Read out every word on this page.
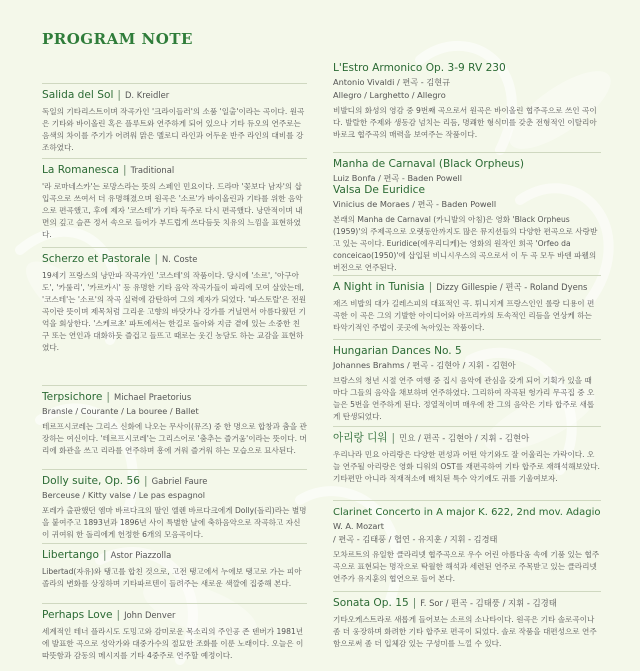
PROGRAM NOTE
Salida del Sol | D. Kreidler
독일의 기타리스트이며 작곡가인 '크라이들러'의 소품 '일출'이라는 곡이다. 원곡은 기타와 바이올린 혹은 플루트와 연주하게 되어 있으나 기타 듀오의 연주로는 음색의 차이를 주기가 어려워 맑은 멜로디 라인과 어두운 반주 라인의 대비를 강조하였다.
La Romanesca | Traditional
'라 로마네스카'는 로망스라는 뜻의 스페인 민요이다. 드라마 '꽃보다 남자'의 삽입곡으로 쓰여서 더 유명해졌으며 원곡은 '소르'가 바이올린과 기타를 위한 음악으로 편곡했고, 후에 제자 '코스테'가 기타 독주로 다시 편곡했다. 낭만적이며 내면의 깊고 슬픈 정서 속으로 들어가 부드럽게 쓰다듬듯 치유의 느낌을 표현하였다.
Scherzo et Pastorale | N. Coste
19세기 프랑스의 낭만파 작곡가인 '코스테'의 작품이다. 당시에 '소르', '아구아도', '카룰리', '카르카시' 등 유명한 기타 음악 작곡가들이 파리에 모여 살았는데, '코스테'는 '소르'의 작곡 실력에 감탄하여 그의 제자가 되었다. '파스토랄'은 전원곡이란 뜻이며 제목처럼 그리운 고향의 바닷가나 강가를 거닐면서 아름다웠던 기억을 회상한다. '스케르초' 파트에서는 한길로 돌아와 지금 곁에 있는 소중한 친구 또는 연인과 대화하듯 즐겁고 들뜨고 때로는 웃긴 농담도 하는 교감을 표현하였다.
Terpsichore | Michael Praetorius
Bransle / Courante / La bouree / Ballet
테르프시코레는 그리스 신화에 나오는 무사이(뮤즈) 중 한 명으로 합창과 춤을 관장하는 여신이다. '테르프시코레'는 그리스어로 '춤추는 즐거움'이라는 뜻이다. 머리에 화관을 쓰고 리라를 연주하며 흥에 겨워 즐거워 하는 모습으로 묘사된다.
Dolly suite, Op. 56 | Gabriel Faure
Berceuse / Kitty valse / Le pas espagnol
포레가 출판했던 엠마 바르다크의 딸인 엘렌 바르다크에게 Dolly(돌리)라는 별명을 붙여주고 1893년과 1896년 사이 특별한 날에 축하음악으로 작곡하고 자신이 귀여워 한 돌리에게 헌정한 6개의 모음곡이다.
Libertango | Astor Piazzolla
Libertad(자유)와 탱고를 합친 것으로, 고전 탱고에서 누에보 탱고로 가는 피아졸라의 변화를 상징하며 기타파르텐이 들려주는 새로운 색깔에 집중해 본다.
Perhaps Love | John Denver
세계적인 테너 플라시도 도밍고와 감미로운 목소리의 주인공 존 덴버가 1981년에 발표한 곡으로 성악가와 대중가수의 절묘한 조화를 이룬 노래이다. 오늘은 이 따뜻함과 감동의 메시지를 기타 4중주로 연주할 예정이다.
L'Estro Armonico Op. 3-9 RV 230
Antonio Vivaldi / 편곡 - 김현규
Allegro / Larghetto / Allegro
비발디의 화성의 영감 중 9번째 곡으로서 원곡은 바이올린 협주곡으로 쓰인 곡이다. 발랄한 주제와 생동감 넘치는 리듬, 명쾌한 형식미를 갖춘 전형적인 이탈리아 바로크 협주곡의 매력을 보여주는 작품이다.
Manha de Carnaval (Black Orpheus)
Luiz Bonfa / 편곡 - Baden Powell
Valsa De Euridice
Vinicius de Moraes / 편곡 - Baden Powell
본래의 Manha de Carnaval (카니발의 아침)은 영화 'Black Orpheus (1959)'의 주제곡으로 오랫동안까지도 많은 뮤지션들의 다양한 편곡으로 사랑받고 있는 곡이다. Euridice(에우리디케)는 영화의 원작인 희곡 'Orfeo da conceicao(1950)'에 삽입된 비니시우스의 곡으로서 이 두 곡 모두 바덴 파웰의 버전으로 연주된다.
A Night in Tunisia | Dizzy Gillespie / 편곡 - Roland Dyens
재즈 비밥의 대가 길레스피의 대표적인 곡. 튀니지계 프랑스인인 롤랑 디용이 편곡한 이 곡은 그의 기발한 아이디어와 아프리카의 토속적인 리듬을 연상케 하는 타악기적인 주법이 곳곳에 녹아있는 작품이다.
Hungarian Dances No. 5
Johannes Brahms / 편곡 - 김현아 / 지휘 - 김현아
브람스의 청년 시절 연주 여행 중 집시 음악에 관심을 갖게 되어 기획가 있을 때 마다 그들의 음악을 채보하며 연주하였다. 그리하여 작곡된 헝가리 무곡집 중 오늘은 5번을 연주하게 된다. 정열적이며 매우에 찬 그의 음악은 기타 합주로 새롭게 탄생되었다.
아리랑 디워 | 민요 / 편곡 - 김현아 / 지휘 - 김현아
우리나라 민요 아리랑은 다양한 편성과 어떤 악기와도 잘 어울리는 가락이다. 오늘 연주될 아리랑은 영화 디워의 OST를 재편곡하여 기타 합주로 재해석해보았다. 기타편만 아니라 적재적소에 배치된 특수 악기에도 귀를 기울여보자.
Clarinet Concerto in A major K. 622, 2nd mov. Adagio
W. A. Mozart
/ 편곡 - 김태풍 / 협연 - 유지훈 / 지휘 - 김경태
모차르트의 유일한 클라리넷 협주곡으로 우수 어린 아름다움 속에 기품 있는 협주곡으로 표현되는 명작으로 탁월한 해석과 세련된 연주로 주목받고 있는 클라리넷 연주가 유지훈의 협연으로 들어 본다.
Sonata Op. 15 | F. Sor / 편곡 - 김태풍 / 지휘 - 김경태
기타오케스트라로 새롭게 들어보는 소르의 소나타이다. 원곡은 기타 솔로곡이나 좀 더 웅장하며 화려한 기타 합주로 편곡이 되었다. 솔로 작품을 대편성으로 연주함으로써 좀 더 입체감 있는 구성미를 느낄 수 있다.
